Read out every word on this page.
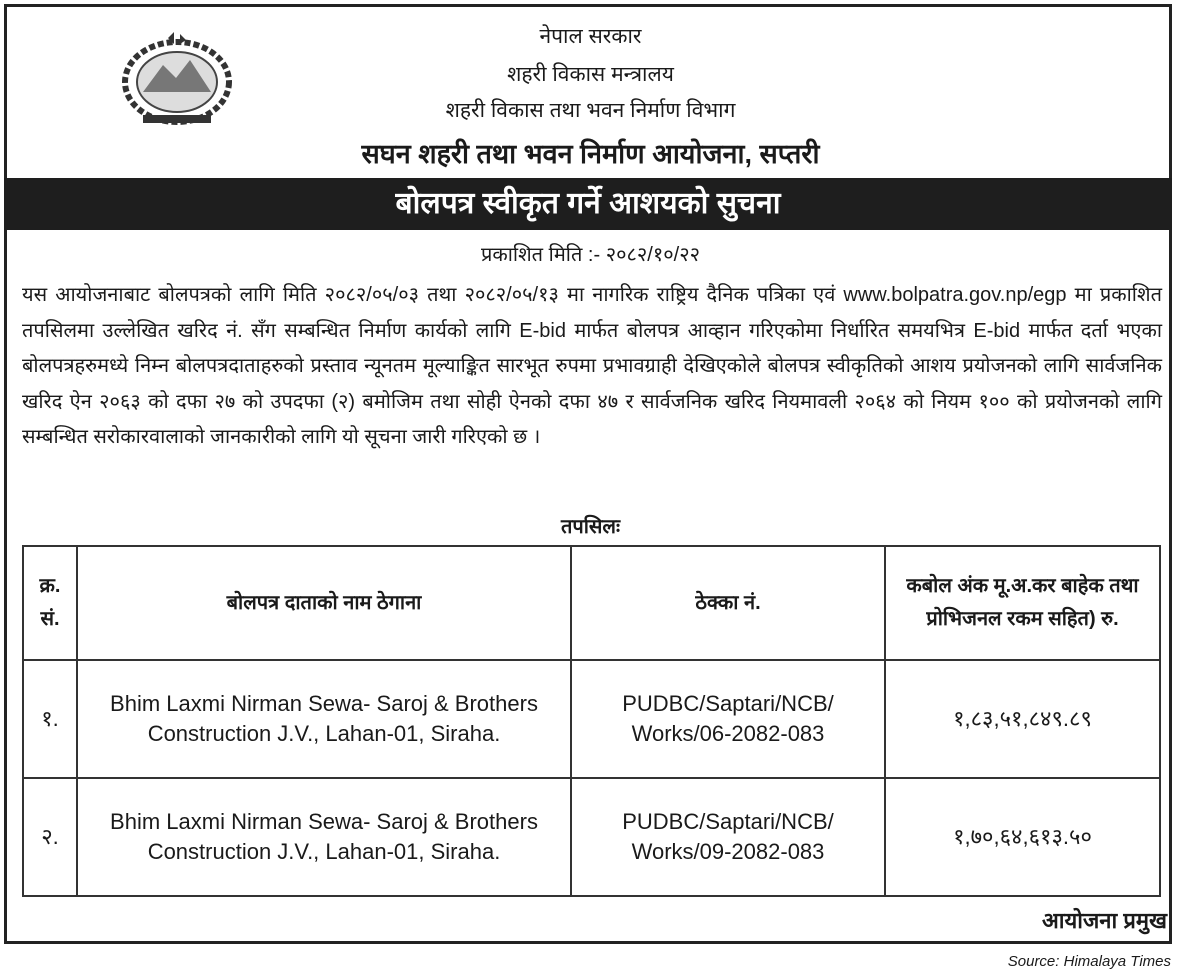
नेपाल सरकार
शहरी विकास मन्त्रालय
शहरी विकास तथा भवन निर्माण विभाग
सघन शहरी तथा भवन निर्माण आयोजना, सप्तरी
बोलपत्र स्वीकृत गर्ने आशयको सुचना
प्रकाशित मिति :- २०८२/१०/२२
यस आयोजनाबाट बोलपत्रको लागि मिति २०८२/०५/०३ तथा २०८२/०५/१३ मा नागरिक राष्ट्रिय दैनिक पत्रिका एवं www.bolpatra.gov.np/egp मा प्रकाशित तपसिलमा उल्लेखित खरिद नं. सँग सम्बन्धित निर्माण कार्यको लागि E-bid मार्फत बोलपत्र आव्हान गरिएकोमा निर्धारित समयभित्र E-bid मार्फत दर्ता भएका बोलपत्रहरुमध्ये निम्न बोलपत्रदाताहरुको प्रस्ताव न्यूनतम मूल्याङ्कित सारभूत रुपमा प्रभावग्राही देखिएकोले बोलपत्र स्वीकृतिको आशय प्रयोजनको लागि सार्वजनिक खरिद ऐन २०६३ को दफा २७ को उपदफा (२) बमोजिम तथा सोही ऐनको दफा ४७ र सार्वजनिक खरिद नियमावली २०६४ को नियम १०० को प्रयोजनको लागि सम्बन्धित सरोकारवालाको जानकारीको लागि यो सूचना जारी गरिएको छ ।
तपसिलः
क्र. सं.	बोलपत्र दाताको नाम ठेगाना	ठेक्का नं.	कबोल अंक मू.अ.कर बाहेक तथा प्रोभिजनल रकम सहित) रु.
१.	Bhim Laxmi Nirman Sewa- Saroj & Brothers Construction J.V., Lahan-01, Siraha.	PUDBC/Saptari/NCB/ Works/06-2082-083	१,८३,५१,८४९.८९
२.	Bhim Laxmi Nirman Sewa- Saroj & Brothers Construction J.V., Lahan-01, Siraha.	PUDBC/Saptari/NCB/ Works/09-2082-083	१,७०,६४,६१३.५०
आयोजना प्रमुख
Source: Himalaya Times
